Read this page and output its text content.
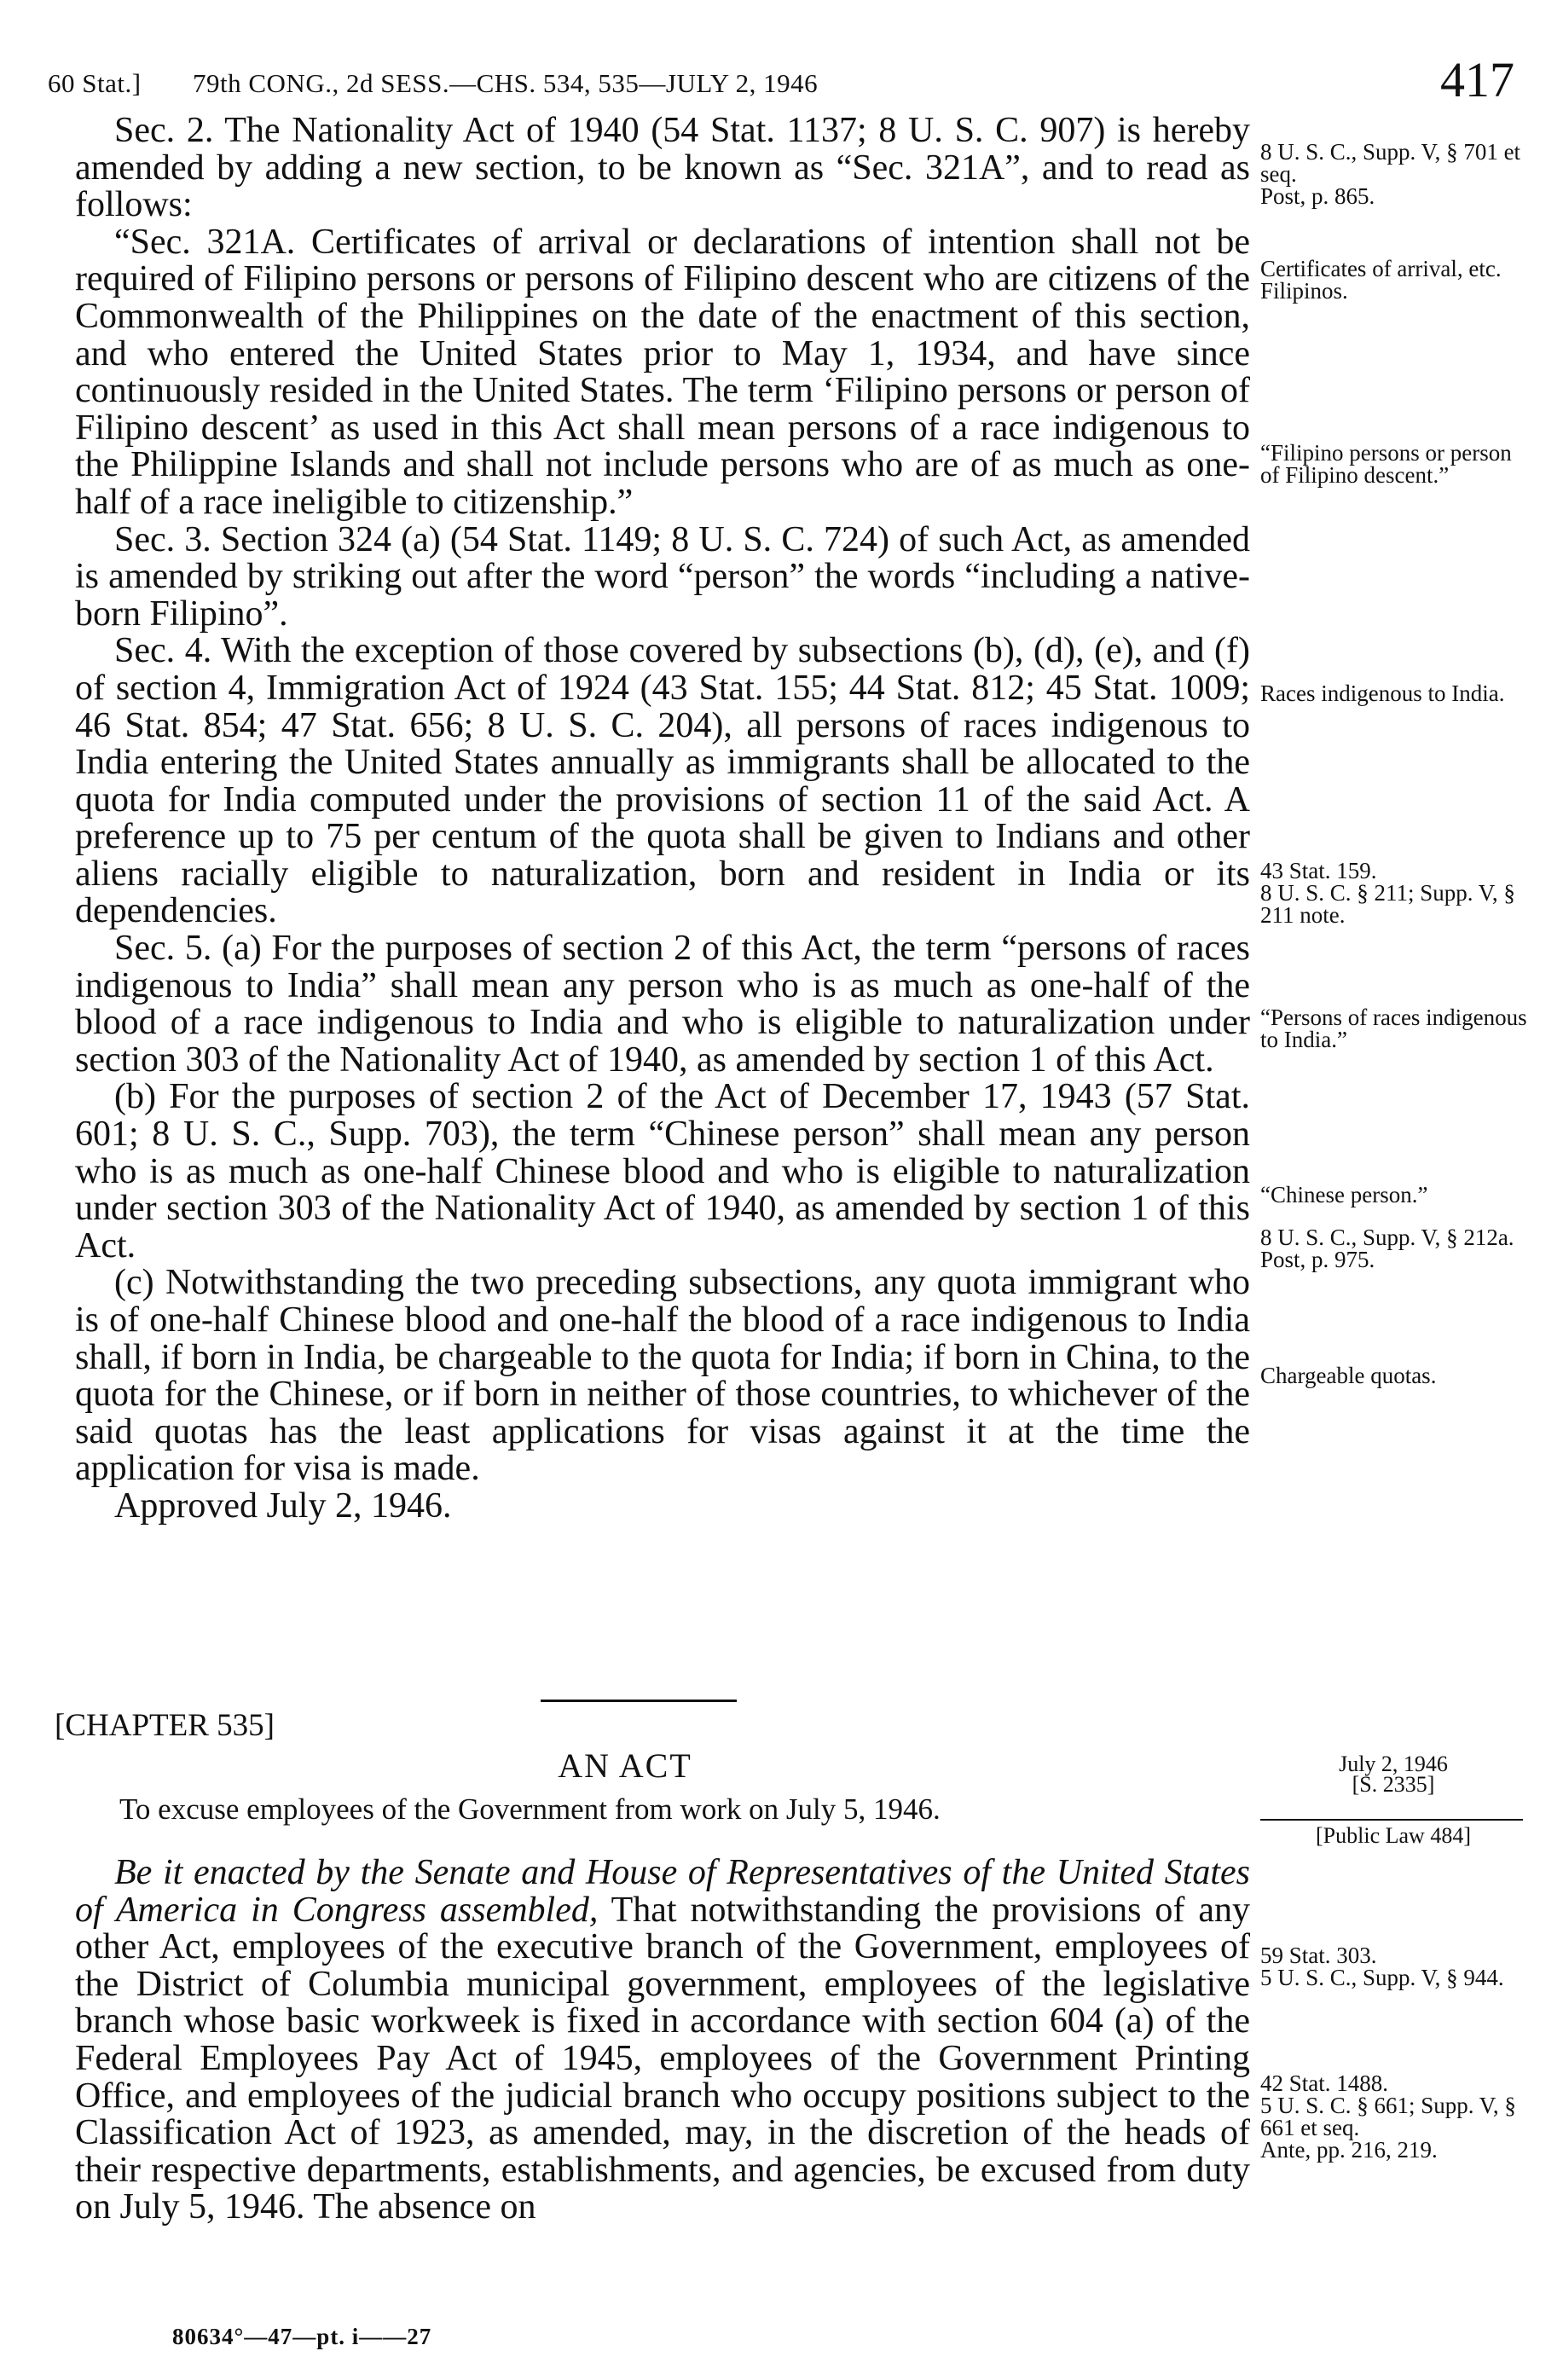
60 Stat.] 79th CONG., 2d SESS.—CHS. 534, 535—JULY 2, 1946	417

Sec. 2. The Nationality Act of 1940 (54 Stat. 1137; 8 U. S. C. 907) is hereby amended by adding a new section, to be known as “Sec. 321A”, and to read as follows:

“Sec. 321A. Certificates of arrival or declarations of intention shall not be required of Filipino persons or persons of Filipino descent who are citizens of the Commonwealth of the Philippines on the date of the enactment of this section, and who entered the United States prior to May 1, 1934, and have since continuously resided in the United States. The term ‘Filipino persons or person of Filipino descent’ as used in this Act shall mean persons of a race indigenous to the Philippine Islands and shall not include persons who are of as much as one-half of a race ineligible to citizenship.”

Sec. 3. Section 324 (a) (54 Stat. 1149; 8 U. S. C. 724) of such Act, as amended is amended by striking out after the word “person” the words “including a native-born Filipino”.

Sec. 4. With the exception of those covered by subsections (b), (d), (e), and (f) of section 4, Immigration Act of 1924 (43 Stat. 155; 44 Stat. 812; 45 Stat. 1009; 46 Stat. 854; 47 Stat. 656; 8 U. S. C. 204), all persons of races indigenous to India entering the United States annually as immigrants shall be allocated to the quota for India computed under the provisions of section 11 of the said Act. A preference up to 75 per centum of the quota shall be given to Indians and other aliens racially eligible to naturalization, born and resident in India or its dependencies.

Sec. 5. (a) For the purposes of section 2 of this Act, the term “persons of races indigenous to India” shall mean any person who is as much as one-half of the blood of a race indigenous to India and who is eligible to naturalization under section 303 of the Nationality Act of 1940, as amended by section 1 of this Act.

(b) For the purposes of section 2 of the Act of December 17, 1943 (57 Stat. 601; 8 U. S. C., Supp. 703), the term “Chinese person” shall mean any person who is as much as one-half Chinese blood and who is eligible to naturalization under section 303 of the Nationality Act of 1940, as amended by section 1 of this Act.

(c) Notwithstanding the two preceding subsections, any quota immigrant who is of one-half Chinese blood and one-half the blood of a race indigenous to India shall, if born in India, be chargeable to the quota for India; if born in China, to the quota for the Chinese, or if born in neither of those countries, to whichever of the said quotas has the least applications for visas against it at the time the application for visa is made.

Approved July 2, 1946.

8 U. S. C., Supp. V, § 701 et seq.
Post, p. 865.
Certificates of arrival, etc.
Filipinos.
“Filipino persons or person of Filipino descent.”
Races indigenous to India.
43 Stat. 159.
8 U. S. C. § 211; Supp. V, § 211 note.
“Persons of races indigenous to India.”
“Chinese person.”
8 U. S. C., Supp. V, § 212a.
Post, p. 975.
Chargeable quotas.
59 Stat. 303.
5 U. S. C., Supp. V, § 944.
42 Stat. 1488.
5 U. S. C. § 661; Supp. V, § 661 et seq.
Ante, pp. 216, 219.
[CHAPTER 535]
AN ACT
To excuse employees of the Government from work on July 5, 1946.
July 2, 1946
[S. 2335]
[Public Law 484]

Be it enacted by the Senate and House of Representatives of the United States of America in Congress assembled, That notwithstanding the provisions of any other Act, employees of the executive branch of the Government, employees of the District of Columbia municipal government, employees of the legislative branch whose basic workweek is fixed in accordance with section 604 (a) of the Federal Employees Pay Act of 1945, employees of the Government Printing Office, and employees of the judicial branch who occupy positions subject to the Classification Act of 1923, as amended, may, in the discretion of the heads of their respective departments, establishments, and agencies, be excused from duty on July 5, 1946. The absence on

80634°—47—pt. i——27
